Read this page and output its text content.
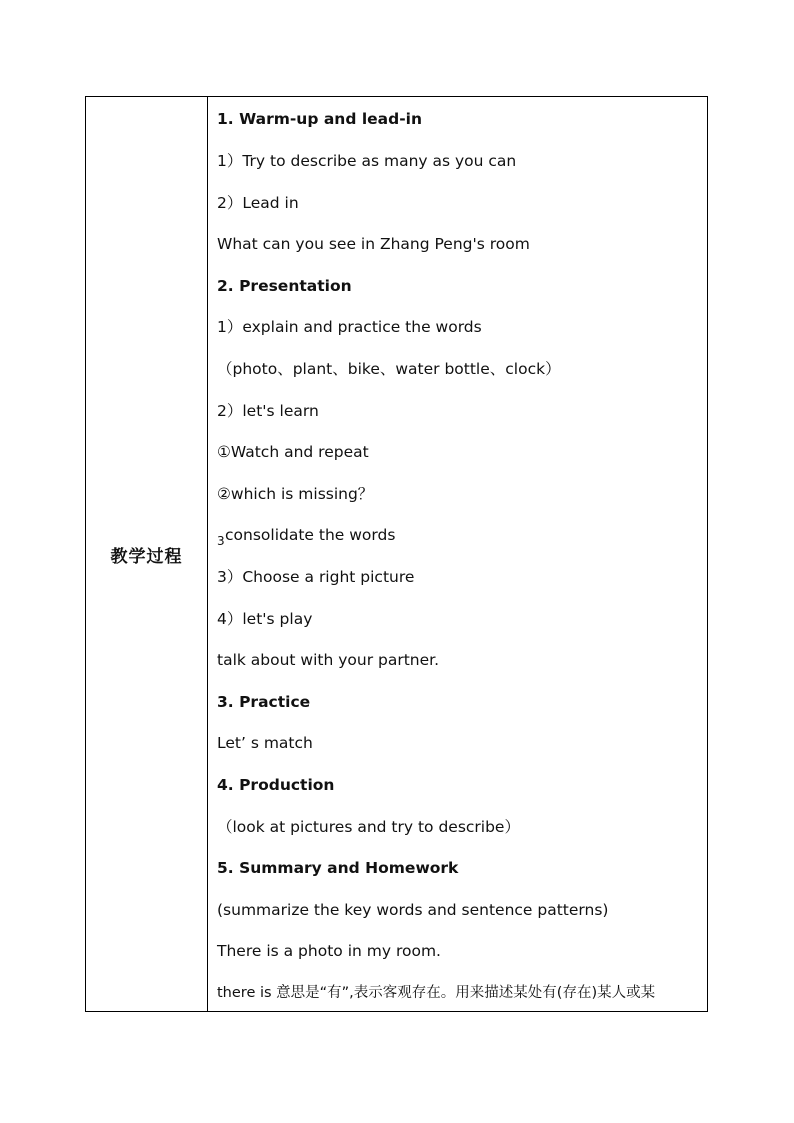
教学过程
1. Warm-up and lead-in
1）Try to describe as many as you can
2）Lead in
What can you see in Zhang Peng's room
2. Presentation
1）explain and practice the words
（photo、plant、bike、water bottle、clock）
2）let's learn
①Watch and repeat
②which is missing？
consolidate the words
3
3）Choose a right picture
4）let's play
talk about with your partner.
3. Practice
Let’ s match
4. Production
（look at pictures and try to describe）
5. Summary and Homework
(summarize the key words and sentence patterns)
There is a photo in my room.
there is 意思是“有”,表示客观存在。用来描述某处有(存在)某人或某
